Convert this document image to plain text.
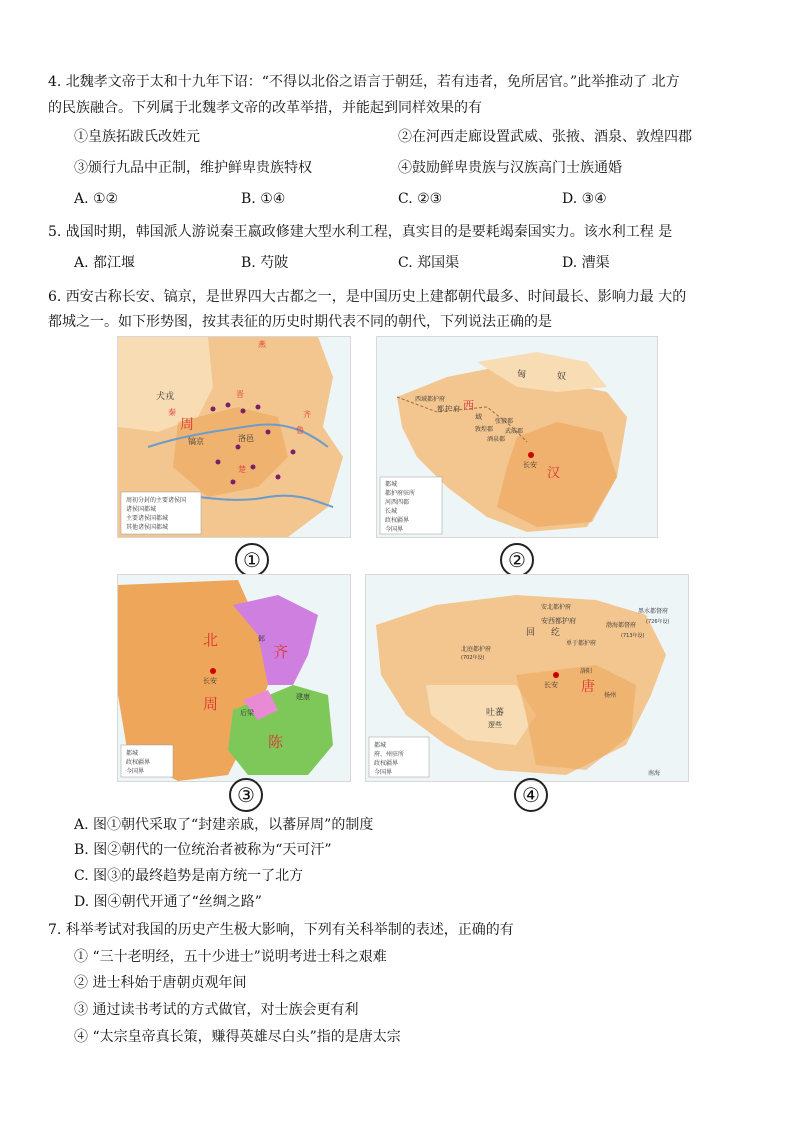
4. 北魏孝文帝于太和十九年下诏：“不得以北俗之语言于朝廷，若有违者，免所居官。”此举推动了 北方
的民族融合。下列属于北魏孝文帝的改革举措，并能起到同样效果的有
①皇族拓跋氏改姓元	②在河西走廊设置武威、张掖、酒泉、敦煌四郡
③颁行九品中正制，维护鲜卑贵族特权	④鼓励鲜卑贵族与汉族高门士族通婚
A. ①②	B. ①④	C. ②③	D. ③④
5. 战国时期，韩国派人游说秦王嬴政修建大型水利工程，真实目的是要耗竭秦国实力。该水利工程 是
A. 都江堰	B. 芍陂	C. 郑国渠	D. 漕渠
6. 西安古称长安、镐京，是世界四大古都之一，是中国历史上建都朝代最多、时间最长、影响力最 大的
都城之一。如下形势图，按其表征的历史时期代表不同的朝代，下列说法正确的是
犬戎
周
镐京	洛邑
燕
齐
鲁
晋
楚
秦
周初分封的主要诸侯国
诸侯国都城
主要诸侯国都城
其他诸侯国都城
匈	奴
西
域
都 护 府
西域都护府
敦煌郡
酒泉郡
张掖郡
武威郡
长安
汉
都城
都护府驻所
河西四郡
长城
政权疆界
今国界
①	②
北
周
齐
陈
长安
邺
建康
后梁
都城
政权疆界
今国界
安西都护府
北庭都护府
单于都护府
安北都护府
渤海都督府
黑水都督府
吐蕃
逻些
长安
洛阳
扬州
唐
回 纥
南海
(713年设)
(702年设)
(726年设)
都城
府、州驻所
政权疆界
今国界
③	④
A. 图①朝代采取了“封建亲戚，以蕃屏周”的制度
B. 图②朝代的一位统治者被称为“天可汗”
C. 图③的最终趋势是南方统一了北方
D. 图④朝代开通了“丝绸之路”
7. 科举考试对我国的历史产生极大影响，下列有关科举制的表述，正确的有
① “三十老明经，五十少进士”说明考进士科之艰难
② 进士科始于唐朝贞观年间
③ 通过读书考试的方式做官，对士族会更有利
④ “太宗皇帝真长策，赚得英雄尽白头”指的是唐太宗
